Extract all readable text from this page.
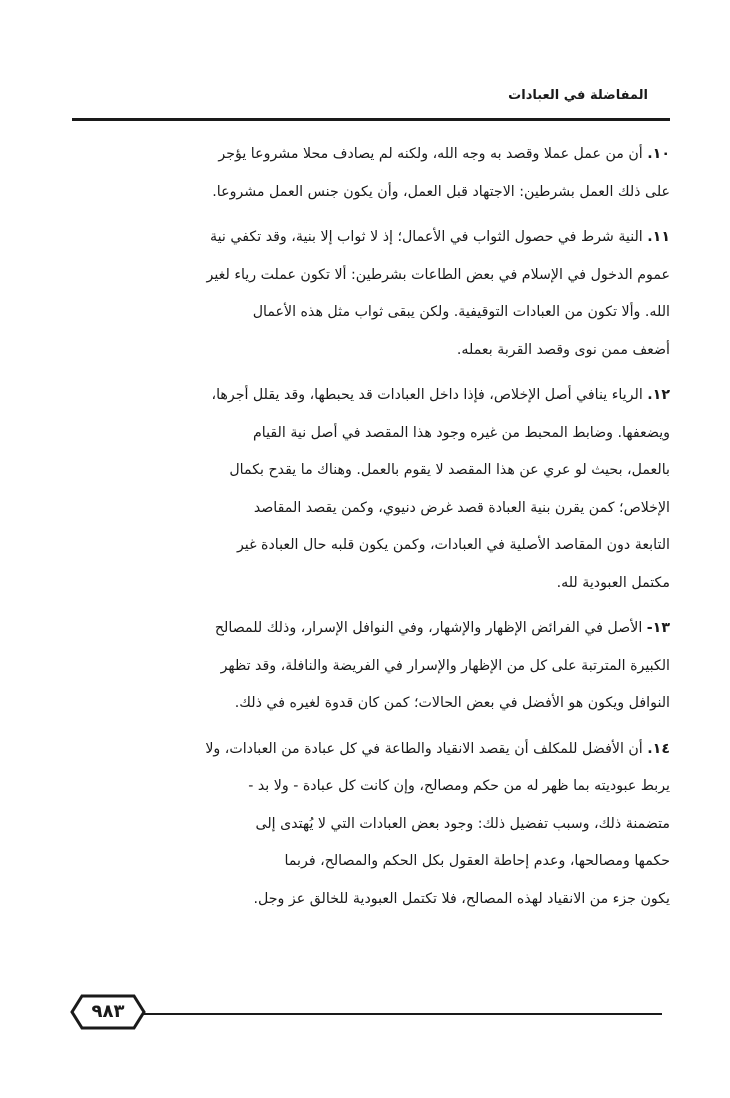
المفاضلة في العبادات
١٠. أن من عمل عملا وقصد به وجه الله، ولكنه لم يصادف محلا مشروعا يؤجر
على ذلك العمل بشرطين: الاجتهاد قبل العمل، وأن يكون جنس العمل مشروعا.
١١. النية شرط في حصول الثواب في الأعمال؛ إذ لا ثواب إلا بنية، وقد تكفي نية
عموم الدخول في الإسلام في بعض الطاعات بشرطين: ألا تكون عملت رياء لغير
الله. وألا تكون من العبادات التوقيفية. ولكن يبقى ثواب مثل هذه الأعمال
أضعف ممن نوى وقصد القربة بعمله.
١٢. الرياء ينافي أصل الإخلاص، فإذا داخل العبادات قد يحبطها، وقد يقلل أجرها،
ويضعفها. وضابط المحبط من غيره وجود هذا المقصد في أصل نية القيام
بالعمل، بحيث لو عري عن هذا المقصد لا يقوم بالعمل. وهناك ما يقدح بكمال
الإخلاص؛ كمن يقرن بنية العبادة قصد غرض دنيوي، وكمن يقصد المقاصد
التابعة دون المقاصد الأصلية في العبادات، وكمن يكون قلبه حال العبادة غير
مكتمل العبودية لله.
١٣- الأصل في الفرائض الإظهار والإشهار، وفي النوافل الإسرار، وذلك للمصالح
الكبيرة المترتبة على كل من الإظهار والإسرار في الفريضة والنافلة، وقد تظهر
النوافل ويكون هو الأفضل في بعض الحالات؛ كمن كان قدوة لغيره في ذلك.
١٤. أن الأفضل للمكلف أن يقصد الانقياد والطاعة في كل عبادة من العبادات، ولا
يربط عبوديته بما ظهر له من حكم ومصالح، وإن كانت كل عبادة - ولا بد -
متضمنة ذلك، وسبب تفضيل ذلك: وجود بعض العبادات التي لا يُهتدى إلى
حكمها ومصالحها، وعدم إحاطة العقول بكل الحكم والمصالح، فربما
يكون جزء من الانقياد لهذه المصالح، فلا تكتمل العبودية للخالق عز وجل.
٩٨٣
